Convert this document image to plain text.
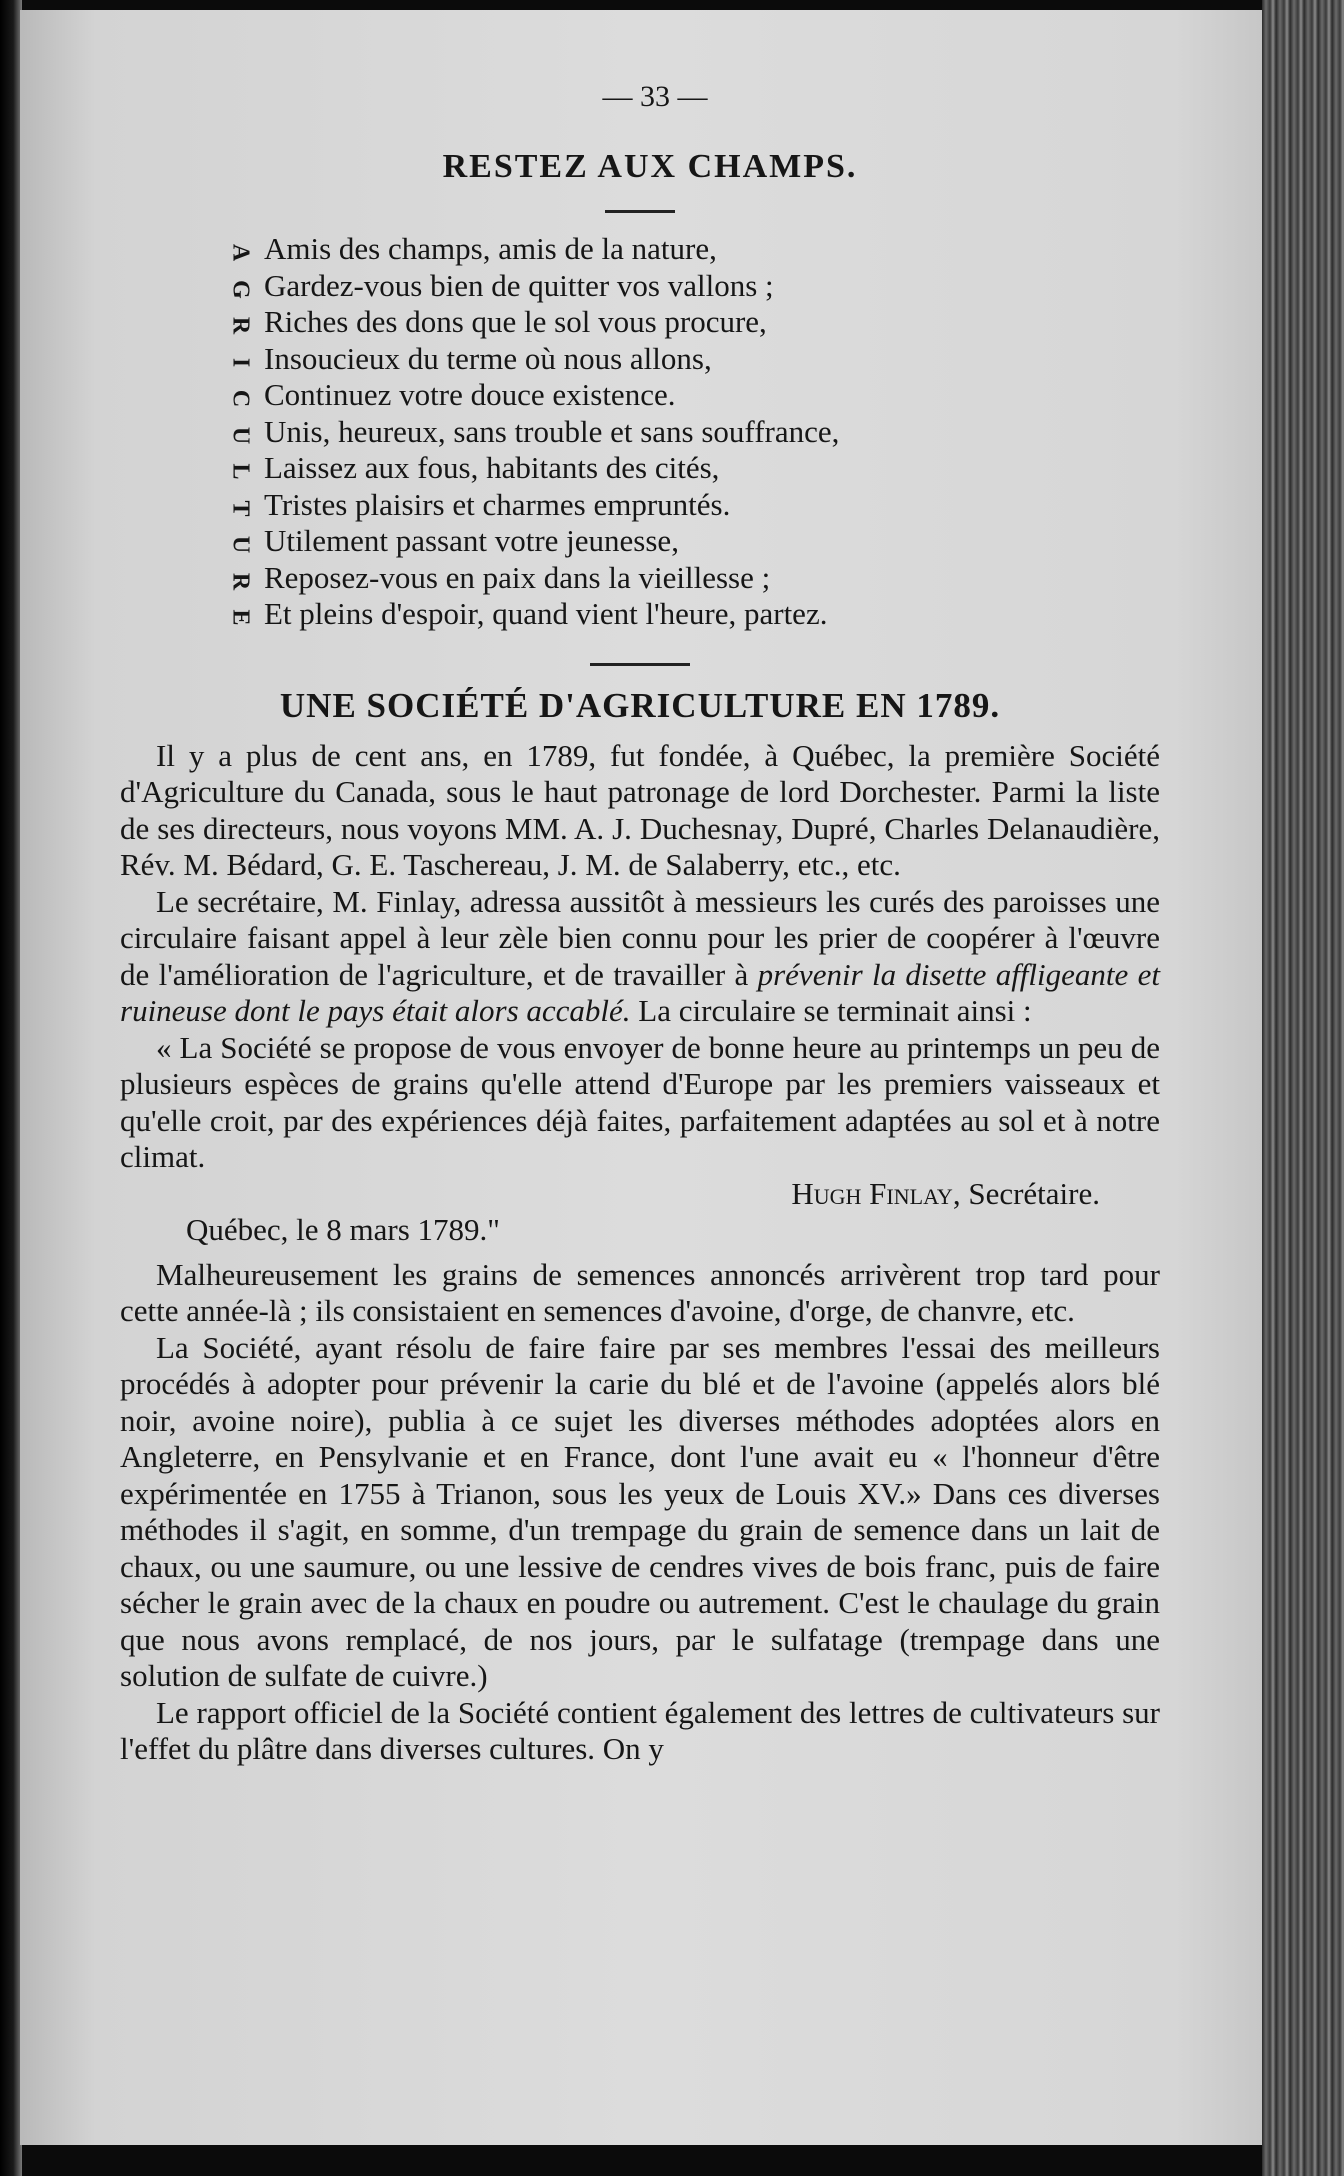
— 33 —
RESTEZ AUX CHAMPS.
A Amis des champs, amis de la nature,
G Gardez-vous bien de quitter vos vallons ;
R Riches des dons que le sol vous procure,
I Insoucieux du terme où nous allons,
C Continuez votre douce existence.
U Unis, heureux, sans trouble et sans souffrance,
L Laissez aux fous, habitants des cités,
T Tristes plaisirs et charmes empruntés.
U Utilement passant votre jeunesse,
R Reposez-vous en paix dans la vieillesse ;
E Et pleins d'espoir, quand vient l'heure, partez.
UNE SOCIÉTÉ D'AGRICULTURE EN 1789.

Il y a plus de cent ans, en 1789, fut fondée, à Québec, la première Société d'Agriculture du Canada, sous le haut patronage de lord Dorchester. Parmi la liste de ses directeurs, nous voyons MM. A. J. Duchesnay, Dupré, Charles Delanaudière, Rév. M. Bédard, G. E. Taschereau, J. M. de Salaberry, etc., etc.

Le secrétaire, M. Finlay, adressa aussitôt à messieurs les curés des paroisses une circulaire faisant appel à leur zèle bien connu pour les prier de coopérer à l'œuvre de l'amélioration de l'agriculture, et de travailler à prévenir la disette affligeante et ruineuse dont le pays était alors accablé. La circulaire se terminait ainsi :

« La Société se propose de vous envoyer de bonne heure au printemps un peu de plusieurs espèces de grains qu'elle attend d'Europe par les premiers vaisseaux et qu'elle croit, par des expériences déjà faites, parfaitement adaptées au sol et à notre climat.

Hugh Finlay, Secrétaire.
Québec, le 8 mars 1789."

Malheureusement les grains de semences annoncés arrivèrent trop tard pour cette année-là ; ils consistaient en semences d'avoine, d'orge, de chanvre, etc.

La Société, ayant résolu de faire faire par ses membres l'essai des meilleurs procédés à adopter pour prévenir la carie du blé et de l'avoine (appelés alors blé noir, avoine noire), publia à ce sujet les diverses méthodes adoptées alors en Angleterre, en Pensylvanie et en France, dont l'une avait eu « l'honneur d'être expérimentée en 1755 à Trianon, sous les yeux de Louis XV.» Dans ces diverses méthodes il s'agit, en somme, d'un trempage du grain de semence dans un lait de chaux, ou une saumure, ou une lessive de cendres vives de bois franc, puis de faire sécher le grain avec de la chaux en poudre ou autrement. C'est le chaulage du grain que nous avons remplacé, de nos jours, par le sulfatage (trempage dans une solution de sulfate de cuivre.)

Le rapport officiel de la Société contient également des lettres de cultivateurs sur l'effet du plâtre dans diverses cultures. On y
